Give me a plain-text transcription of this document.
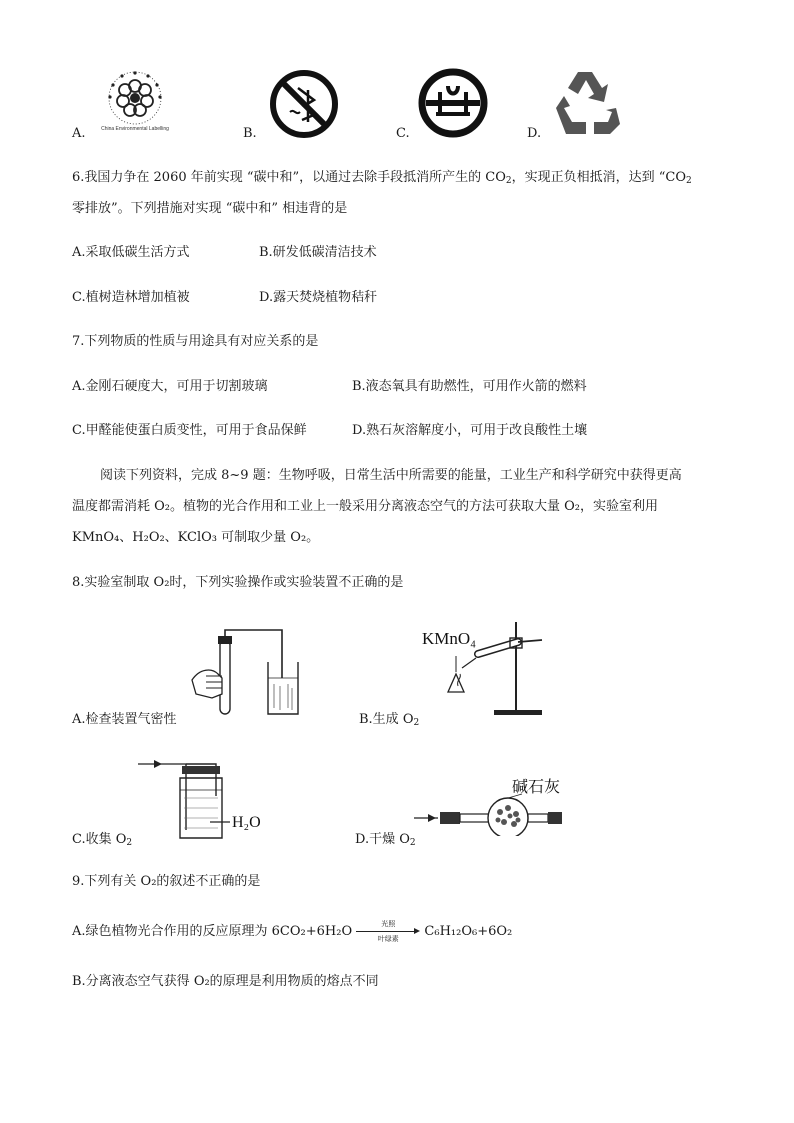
China Environmental Labelling
A.	B.	C.	D.
6.我国力争在 2060 年前实现 “碳中和”，以通过去除手段抵消所产生的 $CO_2$，实现正负相抵消，达到 “$CO_2$
零排放”。下列措施对实现 “碳中和” 相违背的是
A.采取低碳生活方式	B.研发低碳清洁技术
C.植树造林增加植被	D.露天焚烧植物秸秆
7.下列物质的性质与用途具有对应关系的是
A.金刚石硬度大，可用于切割玻璃	B.液态氧具有助燃性，可用作火箭的燃料
C.甲醛能使蛋白质变性，可用于食品保鲜	D.熟石灰溶解度小，可用于改良酸性土壤
阅读下列资料，完成 8~9 题：生物呼吸，日常生活中所需要的能量，工业生产和科学研究中获得更高
温度都需消耗 O₂。植物的光合作用和工业上一般采用分离液态空气的方法可获取大量 O₂，实验室利用
KMnO₄、H₂O₂、KClO₃ 可制取少量 O₂。
8.实验室制取 O₂时，下列实验操作或实验装置不正确的是
A.检查装置气密性
KMnO₄
B.生成 $O_2$
H₂O
C.收集 $O_2$
碱石灰
D.干燥 $O_2$
9.下列有关 O₂的叙述不正确的是
A.绿色植物光合作用的反应原理为 6CO₂+6H₂O
光照
叶绿素	C₆H₁₂O₆+6O₂
B.分离液态空气获得 O₂的原理是利用物质的熔点不同
